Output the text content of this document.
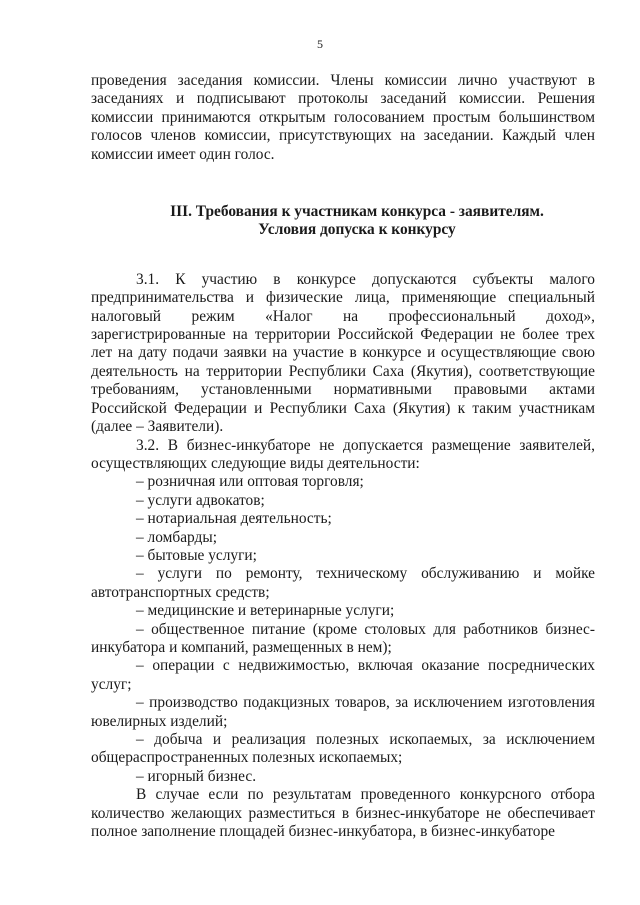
5

проведения заседания комиссии. Члены комиссии лично участвуют в заседаниях и подписывают протоколы заседаний комиссии. Решения комиссии принимаются открытым голосованием простым большинством голосов членов комиссии, присутствующих на заседании. Каждый член комиссии имеет один голос.

III. Требования к участникам конкурса - заявителям.
Условия допуска к конкурсу

3.1. К участию в конкурсе допускаются субъекты малого предпринимательства и физические лица, применяющие специальный налоговый режим «Налог на профессиональный доход», зарегистрированные на территории Российской Федерации не более трех лет на дату подачи заявки на участие в конкурсе и осуществляющие свою деятельность на территории Республики Саха (Якутия), соответствующие требованиям, установленными нормативными правовыми актами Российской Федерации и Республики Саха (Якутия) к таким участникам (далее – Заявители).

3.2. В бизнес-инкубаторе не допускается размещение заявителей, осуществляющих следующие виды деятельности:

– розничная или оптовая торговля;

– услуги адвокатов;

– нотариальная деятельность;

– ломбарды;

– бытовые услуги;

– услуги по ремонту, техническому обслуживанию и мойке автотранспортных средств;

– медицинские и ветеринарные услуги;

– общественное питание (кроме столовых для работников бизнес-инкубатора и компаний, размещенных в нем);

– операции с недвижимостью, включая оказание посреднических услуг;

– производство подакцизных товаров, за исключением изготовления ювелирных изделий;

– добыча и реализация полезных ископаемых, за исключением общераспространенных полезных ископаемых;

– игорный бизнес.

В случае если по результатам проведенного конкурсного отбора количество желающих разместиться в бизнес-инкубаторе не обеспечивает полное заполнение площадей бизнес-инкубатора, в бизнес-инкубаторе
